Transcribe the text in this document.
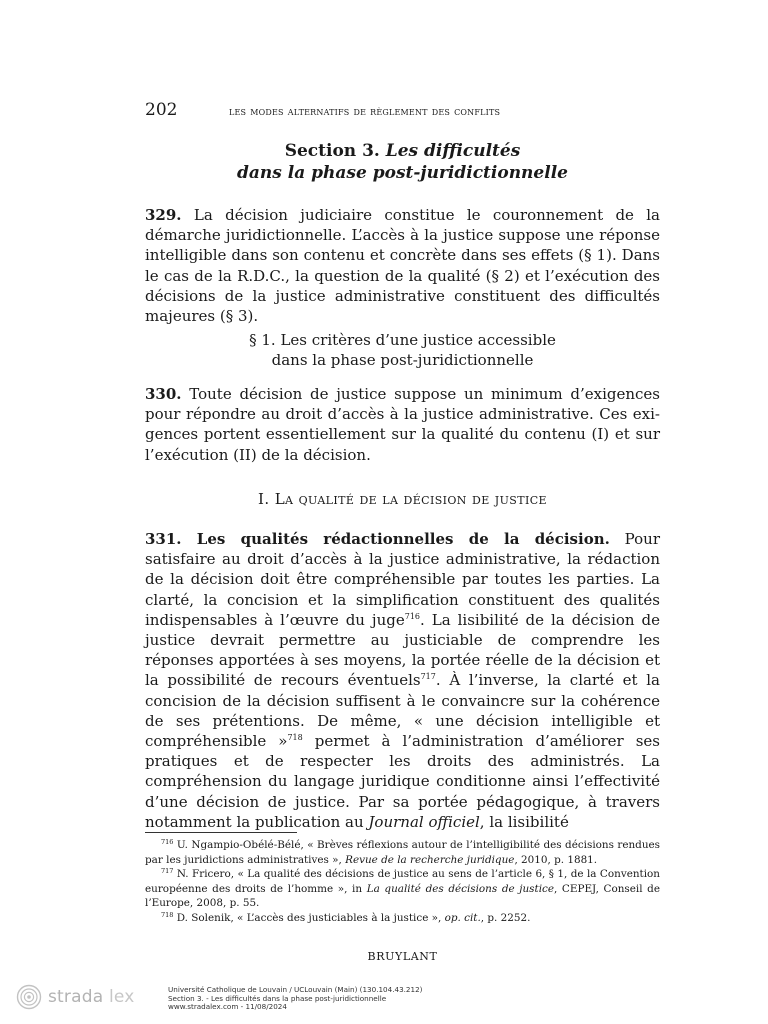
202	les modes alternatifs de règlement des conflits
Section 3. Les difficultés
dans la phase post-juridictionnelle
329. La décision judiciaire constitue le couronnement de la démarche juridictionnelle. L’accès à la justice suppose une réponse intelligible dans son contenu et concrète dans ses effets (§ 1). Dans le cas de la R.D.C., la question de la qualité (§ 2) et l’exécution des décisions de la justice administrative constituent des difficultés majeures (§ 3).
§ 1. Les critères d’une justice accessible
dans la phase post-juridictionnelle
330. Toute décision de justice suppose un minimum d’exigences pour répondre au droit d’accès à la justice administrative. Ces exigences portent essentiellement sur la qualité du contenu (I) et sur l’exécution (II) de la décision.
I. La qualité de la décision de justice
331. Les qualités rédactionnelles de la décision. Pour satisfaire au droit d’accès à la justice administrative, la rédaction de la décision doit être compréhensible par toutes les parties. La clarté, la concision et la simplification constituent des qualités indispensables à l’œuvre du juge$^{716}$. La lisibilité de la décision de justice devrait permettre au justiciable de comprendre les réponses apportées à ses moyens, la portée réelle de la décision et la possibilité de recours éventuels$^{717}$. À l’inverse, la clarté et la concision de la décision suffisent à le convaincre sur la cohérence de ses prétentions. De même, « une décision intelligible et compréhensible »$^{718}$ permet à l’administration d’améliorer ses pratiques et de respecter les droits des administrés. La compréhension du langage juridique conditionne ainsi l’effectivité d’une décision de justice. Par sa portée pédagogique, à travers notamment la publication au Journal officiel, la lisibilité

$^{716}$ U. Ngampio-Obélé-Bélé, « Brèves réflexions autour de l’intelligibilité des décisions rendues par les juridictions administratives », Revue de la recherche juridique, 2010, p. 1881.

$^{717}$ N. Fricero, « La qualité des décisions de justice au sens de l’article 6, § 1, de la Convention européenne des droits de l’homme », in La qualité des décisions de justice, CEPEJ, Conseil de l’Europe, 2008, p. 55.

$^{718}$ D. Solenik, « L’accès des justiciables à la justice », op. cit., p. 2252.

BRUYLANT
strada lex	Université Catholique de Louvain / UCLouvain (Main) (130.104.43.212)
Section 3. - Les difficultés dans la phase post-juridictionnelle
www.stradalex.com - 11/08/2024
